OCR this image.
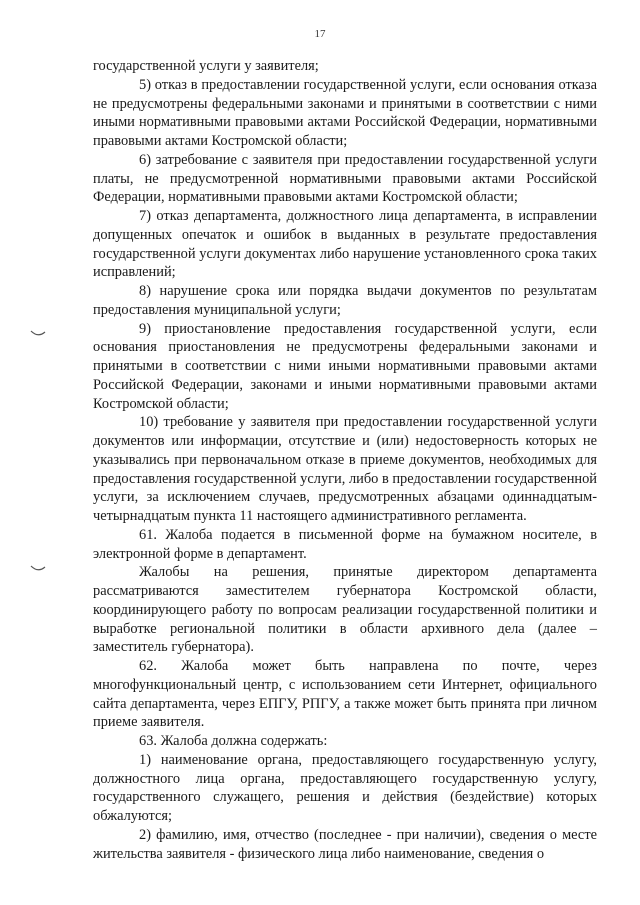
17

государственной услуги у заявителя;

5) отказ в предоставлении государственной услуги, если основания отказа не предусмотрены федеральными законами и принятыми в соответствии с ними иными нормативными правовыми актами Российской Федерации, нормативными правовыми актами Костромской области;

6) затребование с заявителя при предоставлении государственной услуги платы, не предусмотренной нормативными правовыми актами Российской Федерации, нормативными правовыми актами Костромской области;

7) отказ департамента, должностного лица департамента, в исправлении допущенных опечаток и ошибок в выданных в результате предоставления государственной услуги документах либо нарушение установленного срока таких исправлений;

8) нарушение срока или порядка выдачи документов по результатам предоставления муниципальной услуги;

9) приостановление предоставления государственной услуги, если основания приостановления не предусмотрены федеральными законами и принятыми в соответствии с ними иными нормативными правовыми актами Российской Федерации, законами и иными нормативными правовыми актами Костромской области;

10) требование у заявителя при предоставлении государственной услуги документов или информации, отсутствие и (или) недостоверность которых не указывались при первоначальном отказе в приеме документов, необходимых для предоставления государственной услуги, либо в предоставлении государственной услуги, за исключением случаев, предусмотренных абзацами одиннадцатым-четырнадцатым пункта 11 настоящего административного регламента.

61. Жалоба подается в письменной форме на бумажном носителе, в электронной форме в департамент.

Жалобы на решения, принятые директором департамента рассматриваются заместителем губернатора Костромской области, координирующего работу по вопросам реализации государственной политики и выработке региональной политики в области архивного дела (далее – заместитель губернатора).

62. Жалоба может быть направлена по почте, через многофункциональный центр, с использованием сети Интернет, официального сайта департамента, через ЕПГУ, РПГУ, а также может быть принята при личном приеме заявителя.

63. Жалоба должна содержать:

1) наименование органа, предоставляющего государственную услугу, должностного лица органа, предоставляющего государственную услугу, государственного служащего, решения и действия (бездействие) которых обжалуются;

2) фамилию, имя, отчество (последнее - при наличии), сведения о месте жительства заявителя - физического лица либо наименование, сведения о
